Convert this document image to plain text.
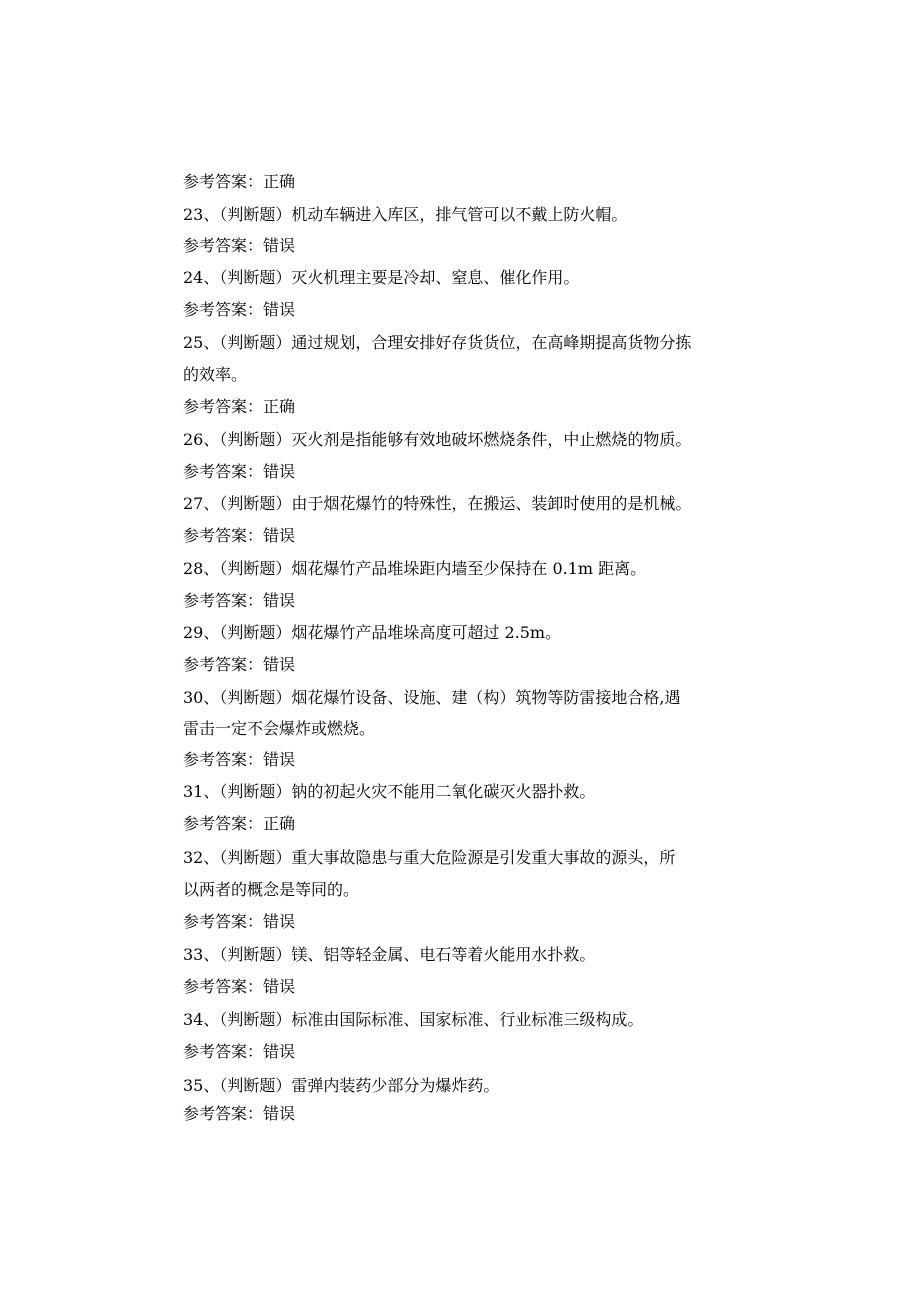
参考答案：正确
23、（判断题）机动车辆进入库区，排气管可以不戴上防火帽。
参考答案：错误
24、（判断题）灭火机理主要是冷却、窒息、催化作用。
参考答案：错误
25、（判断题）通过规划，合理安排好存货货位，在高峰期提高货物分拣
的效率。
参考答案：正确
26、（判断题）灭火剂是指能够有效地破坏燃烧条件，中止燃烧的物质。
参考答案：错误
27、（判断题）由于烟花爆竹的特殊性，在搬运、装卸时使用的是机械。
参考答案：错误
28、（判断题）烟花爆竹产品堆垛距内墙至少保持在 0.1m 距离。
参考答案：错误
29、（判断题）烟花爆竹产品堆垛高度可超过 2.5m。
参考答案：错误
30、（判断题）烟花爆竹设备、设施、建（构）筑物等防雷接地合格,遇
雷击一定不会爆炸或燃烧。
参考答案：错误
31、（判断题）钠的初起火灾不能用二氧化碳灭火器扑救。
参考答案：正确
32、（判断题）重大事故隐患与重大危险源是引发重大事故的源头，所
以两者的概念是等同的。
参考答案：错误
33、（判断题）镁、铝等轻金属、电石等着火能用水扑救。
参考答案：错误
34、（判断题）标准由国际标准、国家标准、行业标准三级构成。
参考答案：错误
35、（判断题）雷弹内装药少部分为爆炸药。
参考答案：错误
